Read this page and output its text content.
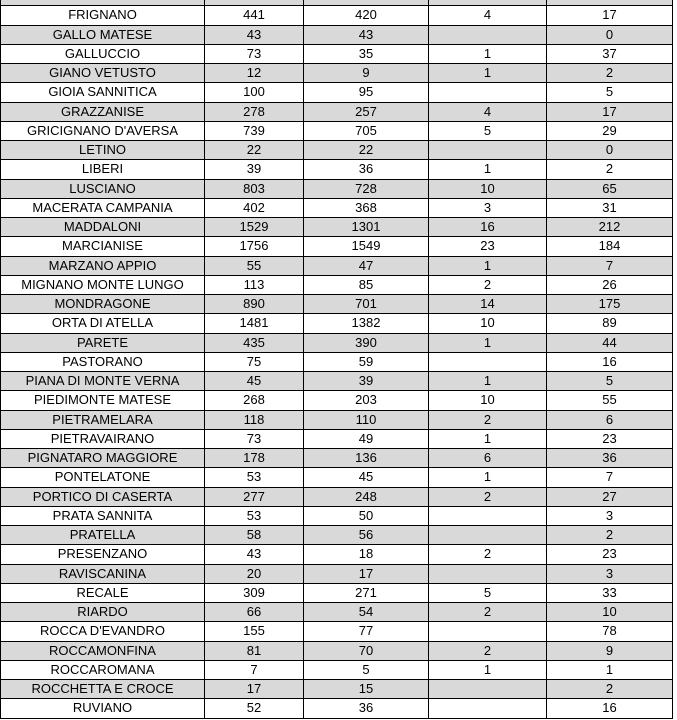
FRIGNANO	441	420	4	17
GALLO MATESE	43	43		0
GALLUCCIO	73	35	1	37
GIANO VETUSTO	12	9	1	2
GIOIA SANNITICA	100	95		5
GRAZZANISE	278	257	4	17
GRICIGNANO D'AVERSA	739	705	5	29
LETINO	22	22		0
LIBERI	39	36	1	2
LUSCIANO	803	728	10	65
MACERATA CAMPANIA	402	368	3	31
MADDALONI	1529	1301	16	212
MARCIANISE	1756	1549	23	184
MARZANO APPIO	55	47	1	7
MIGNANO MONTE LUNGO	113	85	2	26
MONDRAGONE	890	701	14	175
ORTA DI ATELLA	1481	1382	10	89
PARETE	435	390	1	44
PASTORANO	75	59		16
PIANA DI MONTE VERNA	45	39	1	5
PIEDIMONTE MATESE	268	203	10	55
PIETRAMELARA	118	110	2	6
PIETRAVAIRANO	73	49	1	23
PIGNATARO MAGGIORE	178	136	6	36
PONTELATONE	53	45	1	7
PORTICO DI CASERTA	277	248	2	27
PRATA SANNITA	53	50		3
PRATELLA	58	56		2
PRESENZANO	43	18	2	23
RAVISCANINA	20	17		3
RECALE	309	271	5	33
RIARDO	66	54	2	10
ROCCA D'EVANDRO	155	77		78
ROCCAMONFINA	81	70	2	9
ROCCAROMANA	7	5	1	1
ROCCHETTA E CROCE	17	15		2
RUVIANO	52	36		16
